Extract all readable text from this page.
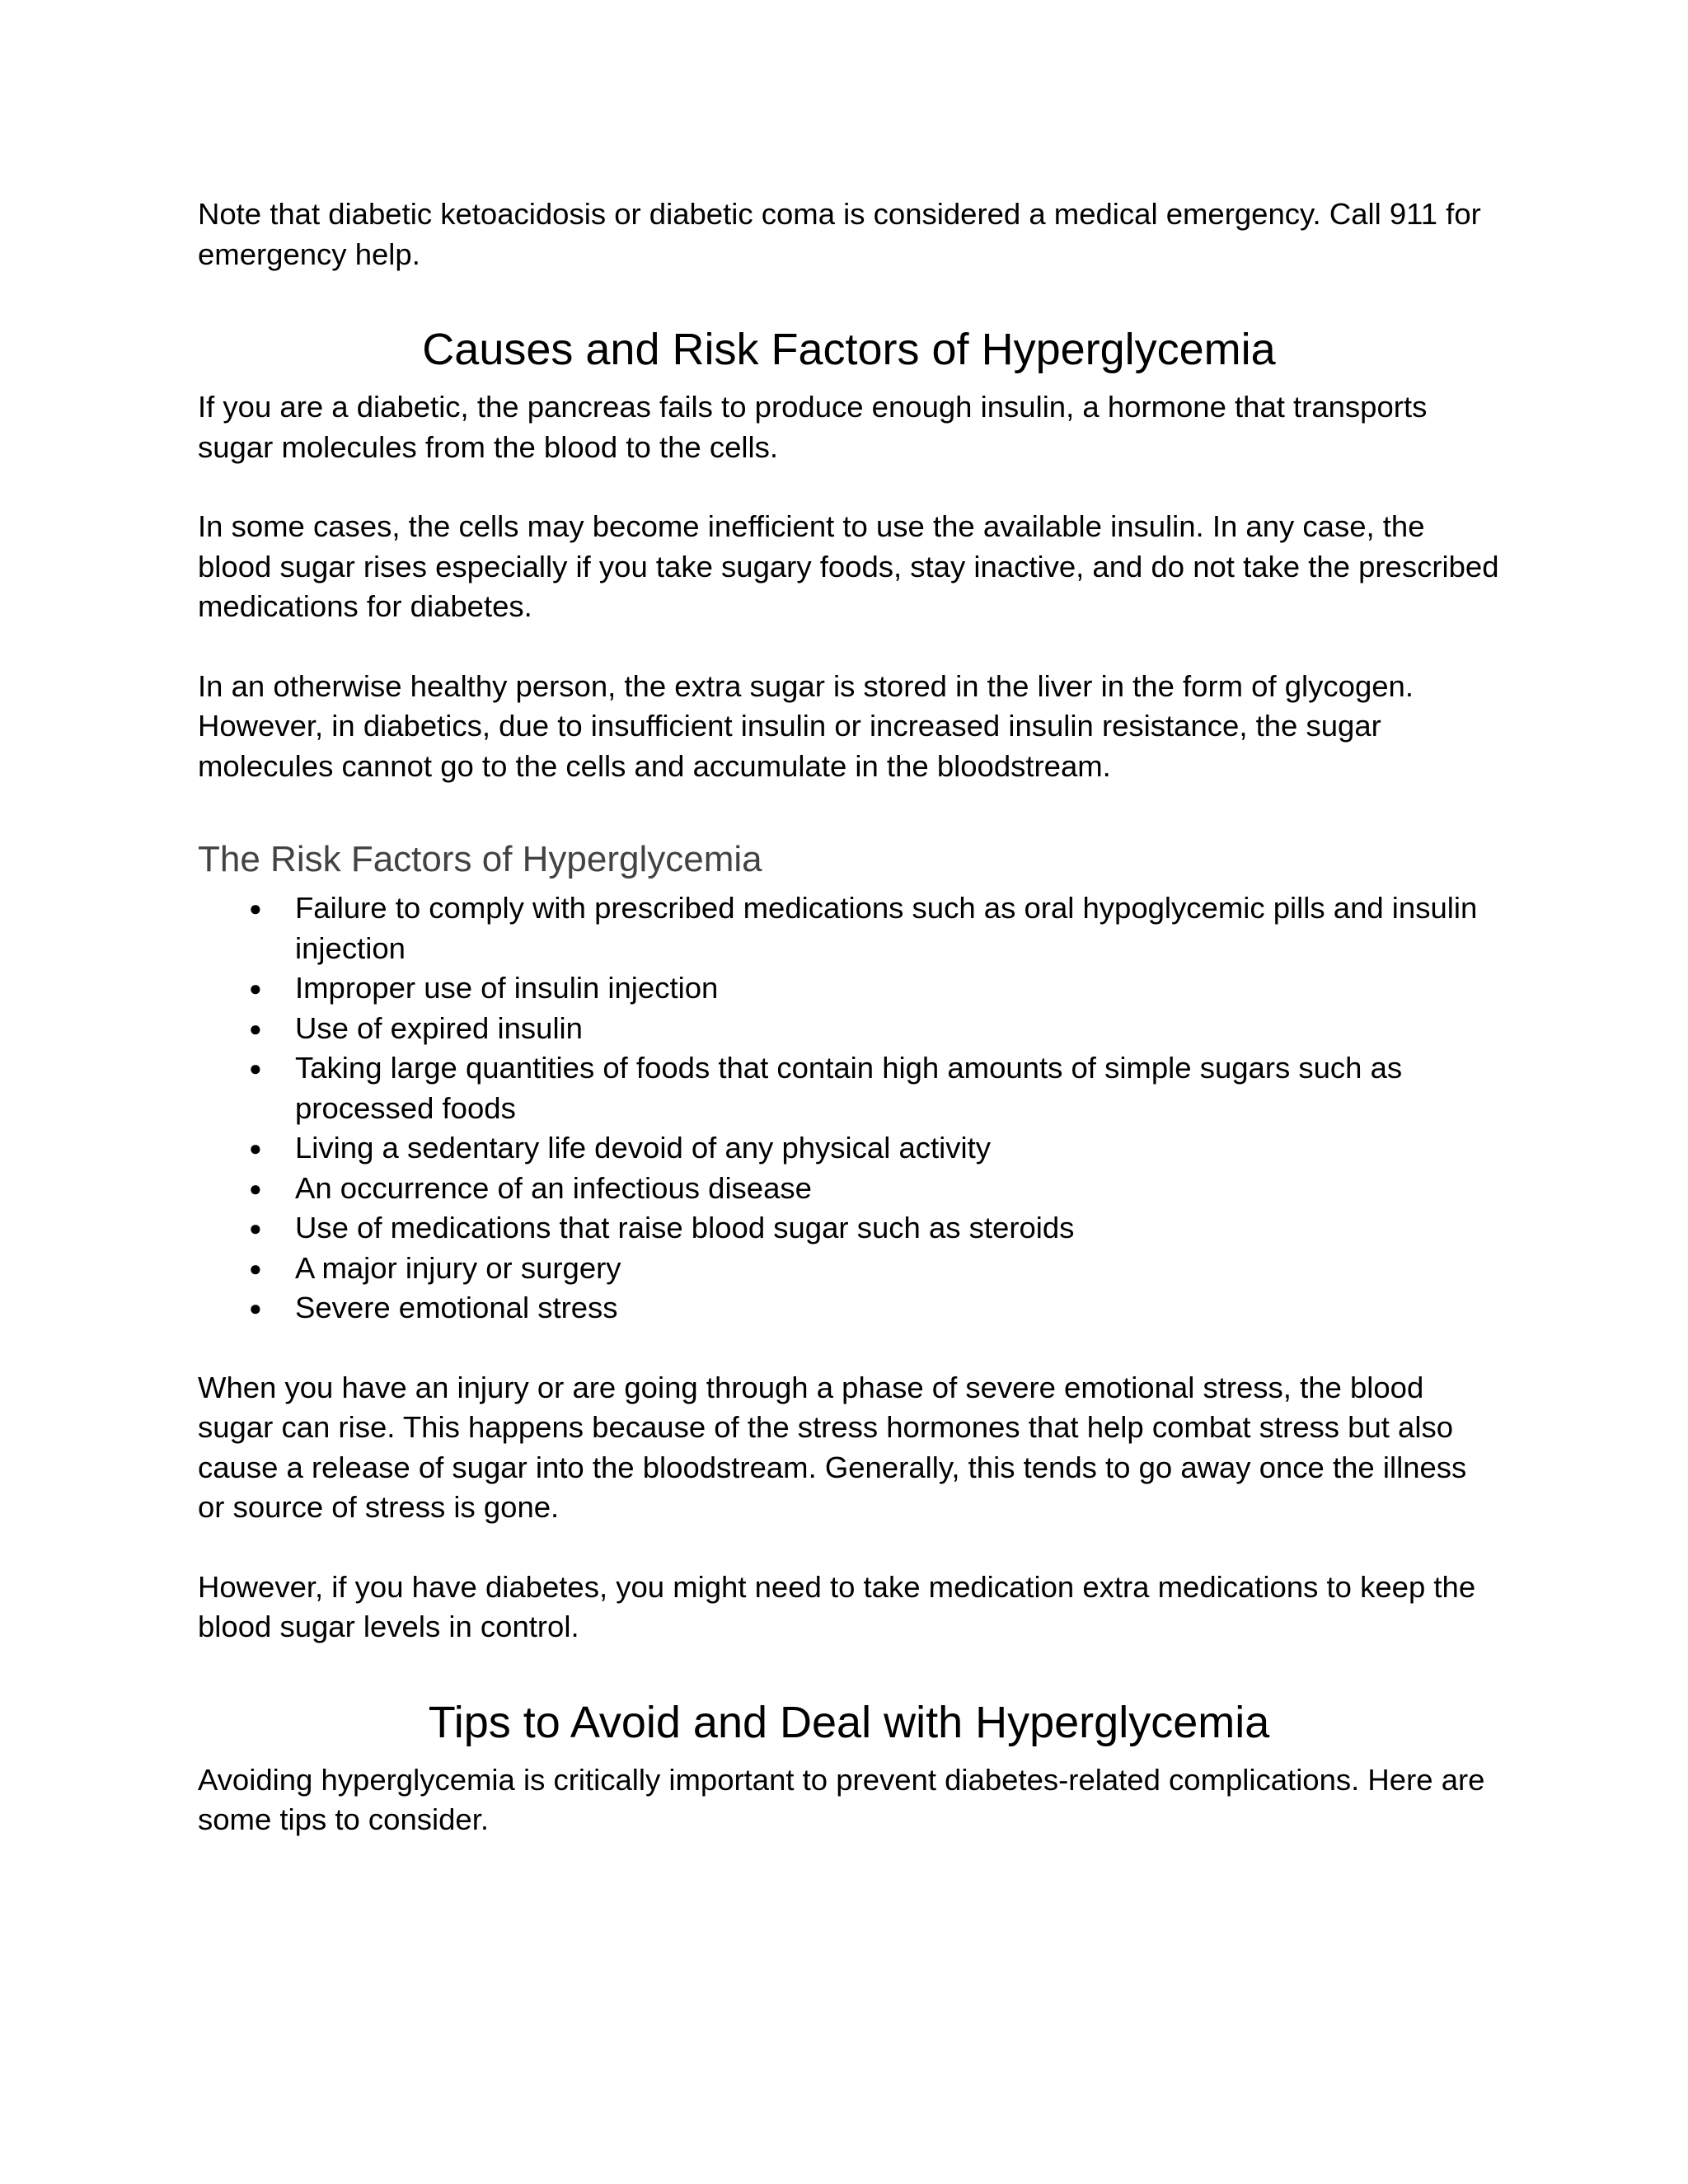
Note that diabetic ketoacidosis or diabetic coma is considered a medical emergency. Call 911 for emergency help.

Causes and Risk Factors of Hyperglycemia

If you are a diabetic, the pancreas fails to produce enough insulin, a hormone that transports sugar molecules from the blood to the cells.

In some cases, the cells may become inefficient to use the available insulin. In any case, the blood sugar rises especially if you take sugary foods, stay inactive, and do not take the prescribed medications for diabetes.

In an otherwise healthy person, the extra sugar is stored in the liver in the form of glycogen. However, in diabetics, due to insufficient insulin or increased insulin resistance, the sugar molecules cannot go to the cells and accumulate in the bloodstream.

The Risk Factors of Hyperglycemia
● Failure to comply with prescribed medications such as oral hypoglycemic pills and insulin injection
● Improper use of insulin injection
● Use of expired insulin
● Taking large quantities of foods that contain high amounts of simple sugars such as processed foods
● Living a sedentary life devoid of any physical activity
● An occurrence of an infectious disease
● Use of medications that raise blood sugar such as steroids
● A major injury or surgery
● Severe emotional stress

When you have an injury or are going through a phase of severe emotional stress, the blood sugar can rise. This happens because of the stress hormones that help combat stress but also cause a release of sugar into the bloodstream. Generally, this tends to go away once the illness or source of stress is gone.

However, if you have diabetes, you might need to take medication extra medications to keep the blood sugar levels in control.

Tips to Avoid and Deal with Hyperglycemia

Avoiding hyperglycemia is critically important to prevent diabetes-related complications. Here are some tips to consider.
